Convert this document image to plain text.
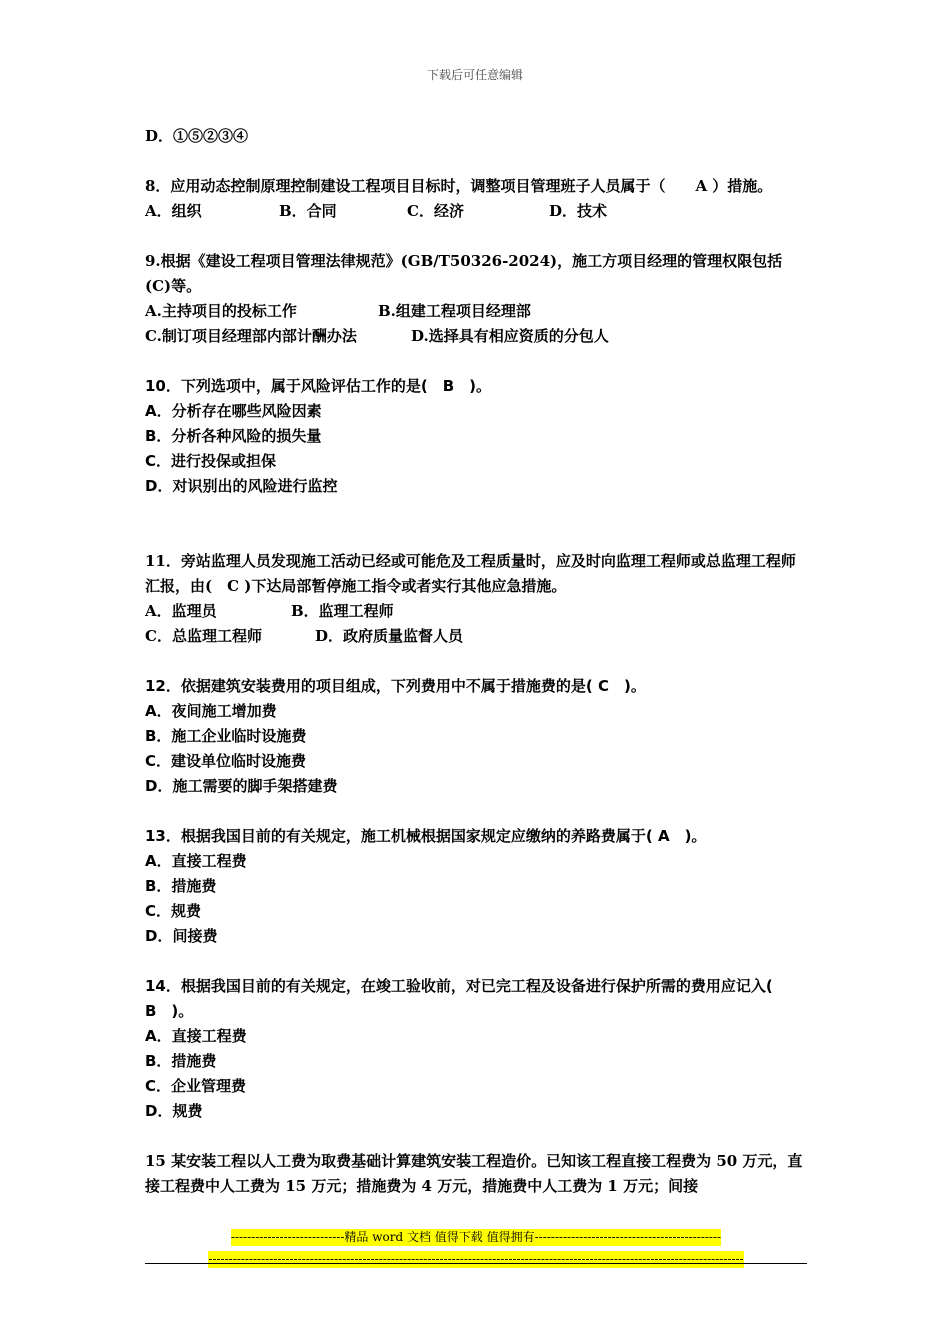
下载后可任意编辑
D．①⑤②③④
8．应用动态控制原理控制建设工程项目目标时，调整项目管理班子人员属于（　　A ）措施。
A．组织	B．合同	C．经济	D．技术
9.根据《建设工程项目管理法律规范》(GB/T50326-2024)，施工方项目经理的管理权限包括(C)等。
A.主持项目的投标工作	B.组建工程项目经理部
C.制订项目经理部内部计酬办法	D.选择具有相应资质的分包人
10．下列选项中，属于风险评估工作的是(　B　)。
A．分析存在哪些风险因素
B．分析各种风险的损失量
C．进行投保或担保
D．对识别出的风险进行监控
11．旁站监理人员发现施工活动已经或可能危及工程质量时，应及时向监理工程师或总监理工程师汇报，由(　C )下达局部暂停施工指令或者实行其他应急措施。
A．监理员	B．监理工程师
C．总监理工程师	D．政府质量监督人员
12．依据建筑安装费用的项目组成，下列费用中不属于措施费的是( C　)。
A．夜间施工增加费
B．施工企业临时设施费
C．建设单位临时设施费
D．施工需要的脚手架搭建费
13．根据我国目前的有关规定，施工机械根据国家规定应缴纳的养路费属于( A　)。
A．直接工程费
B．措施费
C．规费
D．间接费
14．根据我国目前的有关规定，在竣工验收前，对已完工程及设备进行保护所需的费用应记入(　B　)。
A．直接工程费
B．措施费
C．企业管理费
D．规费
15 某安装工程以人工费为取费基础计算建筑安装工程造价。已知该工程直接工程费为 50 万元，直接工程费中人工费为 15 万元；措施费为 4 万元，措施费中人工费为 1 万元；间接
----------------------------精品 word 文档 值得下载 值得拥有----------------------------------------------
------------------------------------------------------------------------------------------------------------------------------------
